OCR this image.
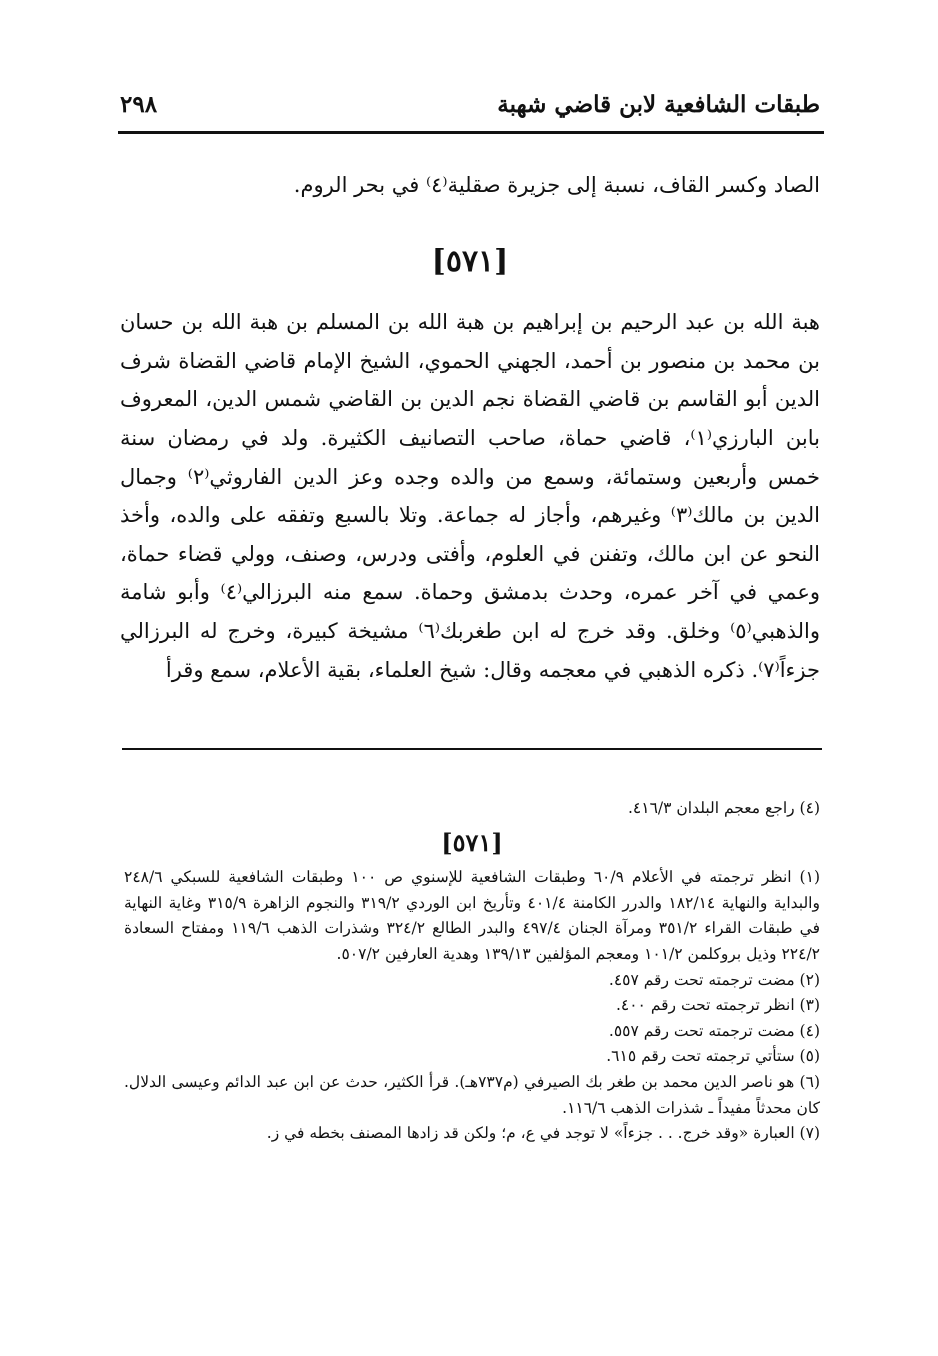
طبقات الشافعية لابن قاضي شهبة
٢٩٨

الصاد وكسر القاف، نسبة إلى جزيرة صقلية⁽٤⁾ في بحر الروم.

[٥٧١]

هبة الله بن عبد الرحيم بن إبراهيم بن هبة الله بن المسلم بن هبة الله بن حسان بن محمد بن منصور بن أحمد، الجهني الحموي، الشيخ الإمام قاضي القضاة شرف الدين أبو القاسم بن قاضي القضاة نجم الدين بن القاضي شمس الدين، المعروف بابن البارزي⁽١⁾، قاضي حماة، صاحب التصانيف الكثيرة. ولد في رمضان سنة خمس وأربعين وستمائة، وسمع من والده وجده وعز الدين الفاروثي⁽٢⁾ وجمال الدين بن مالك⁽٣⁾ وغيرهم، وأجاز له جماعة. وتلا بالسبع وتفقه على والده، وأخذ النحو عن ابن مالك، وتفنن في العلوم، وأفتى ودرس، وصنف، وولي قضاء حماة، وعمي في آخر عمره، وحدث بدمشق وحماة. سمع منه البرزالي⁽٤⁾ وأبو شامة والذهبي⁽٥⁾ وخلق. وقد خرج له ابن طغربك⁽٦⁾ مشيخة كبيرة، وخرج له البرزالي جزءاً⁽٧⁾. ذكره الذهبي في معجمه وقال: شيخ العلماء، بقية الأعلام، سمع وقرأ

(٤) راجع معجم البلدان ٤١٦/٣.

[٥٧١]

(١) انظر ترجمته في الأعلام ٦٠/٩ وطبقات الشافعية للإسنوي ص ١٠٠ وطبقات الشافعية للسبكي ٢٤٨/٦ والبداية والنهاية ١٨٢/١٤ والدرر الكامنة ٤٠١/٤ وتأريخ ابن الوردي ٣١٩/٢ والنجوم الزاهرة ٣١٥/٩ وغاية النهاية في طبقات القراء ٣٥١/٢ ومرآة الجنان ٤٩٧/٤ والبدر الطالع ٣٢٤/٢ وشذرات الذهب ١١٩/٦ ومفتاح السعادة ٢٢٤/٢ وذيل بروكلمن ١٠١/٢ ومعجم المؤلفين ١٣٩/١٣ وهدية العارفين ٥٠٧/٢.

(٢) مضت ترجمته تحت رقم ٤٥٧.

(٣) انظر ترجمته تحت رقم ٤٠٠.

(٤) مضت ترجمته تحت رقم ٥٥٧.

(٥) ستأتي ترجمته تحت رقم ٦١٥.

(٦) هو ناصر الدين محمد بن طغر بك الصيرفي (م٧٣٧هـ). قرأ الكثير، حدث عن ابن عبد الدائم وعيسى الدلال. كان محدثاً مفيداً ـ شذرات الذهب ١١٦/٦.

(٧) العبارة «وقد خرج. . . جزءاً» لا توجد في ع، م؛ ولكن قد زادها المصنف بخطه في ز.
